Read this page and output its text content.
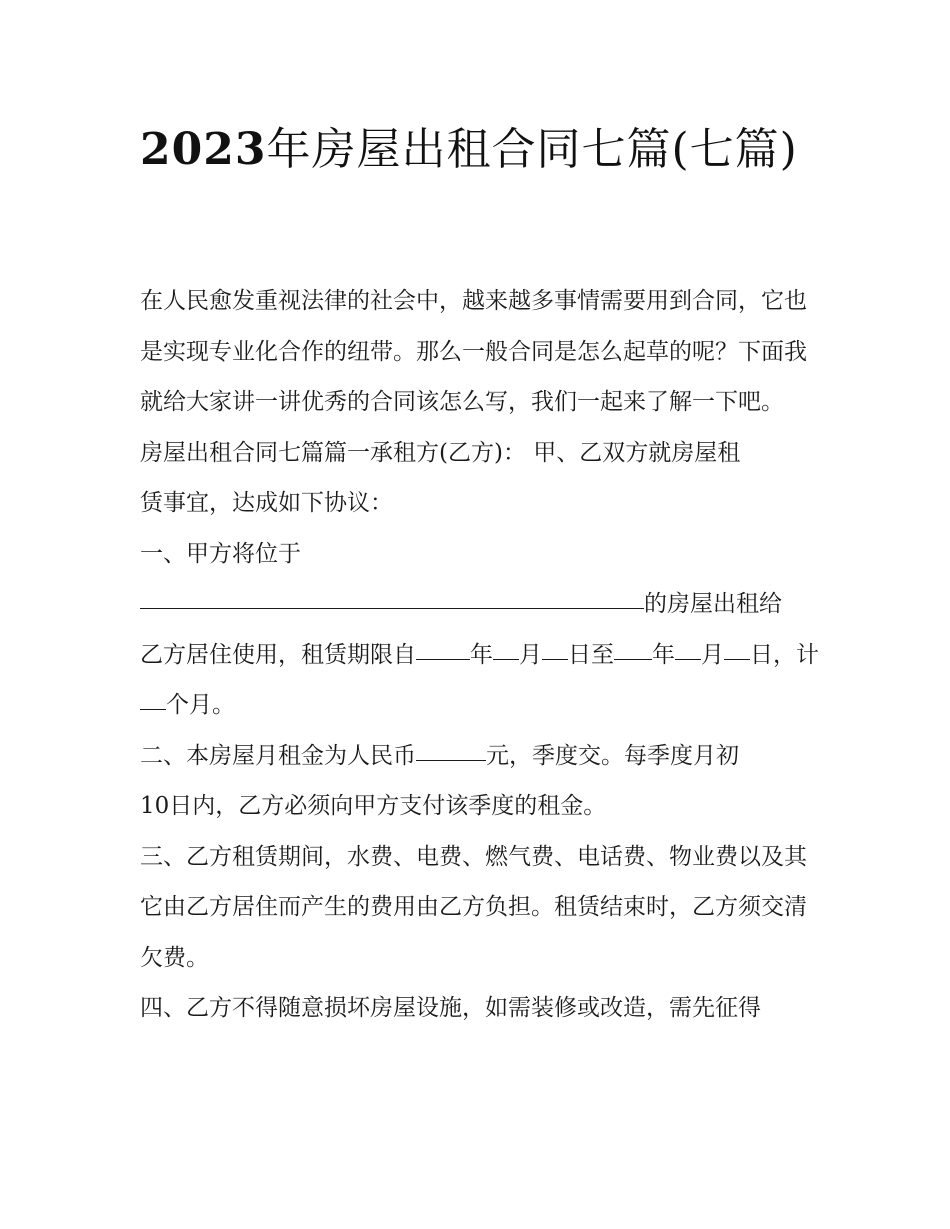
2023年房屋出租合同七篇(七篇)

在人民愈发重视法律的社会中，越来越多事情需要用到合同，它也是实现专业化合作的纽带。那么一般合同是怎么起草的呢？下面我就给大家讲一讲优秀的合同该怎么写，我们一起来了解一下吧。

房屋出租合同七篇篇一承租方(乙方)： 甲、乙双方就房屋租

赁事宜，达成如下协议：

一、甲方将位于

的房屋出租给

乙方居住使用，租赁期限自 年 月 日至 年 月 日，计个月。

二、本房屋月租金为人民币	元，季度交。每季度月初

10日内，乙方必须向甲方支付该季度的租金。

三、乙方租赁期间，水费、电费、燃气费、电话费、物业费以及其它由乙方居住而产生的费用由乙方负担。租赁结束时，乙方须交清欠费。

四、乙方不得随意损坏房屋设施，如需装修或改造，需先征得
